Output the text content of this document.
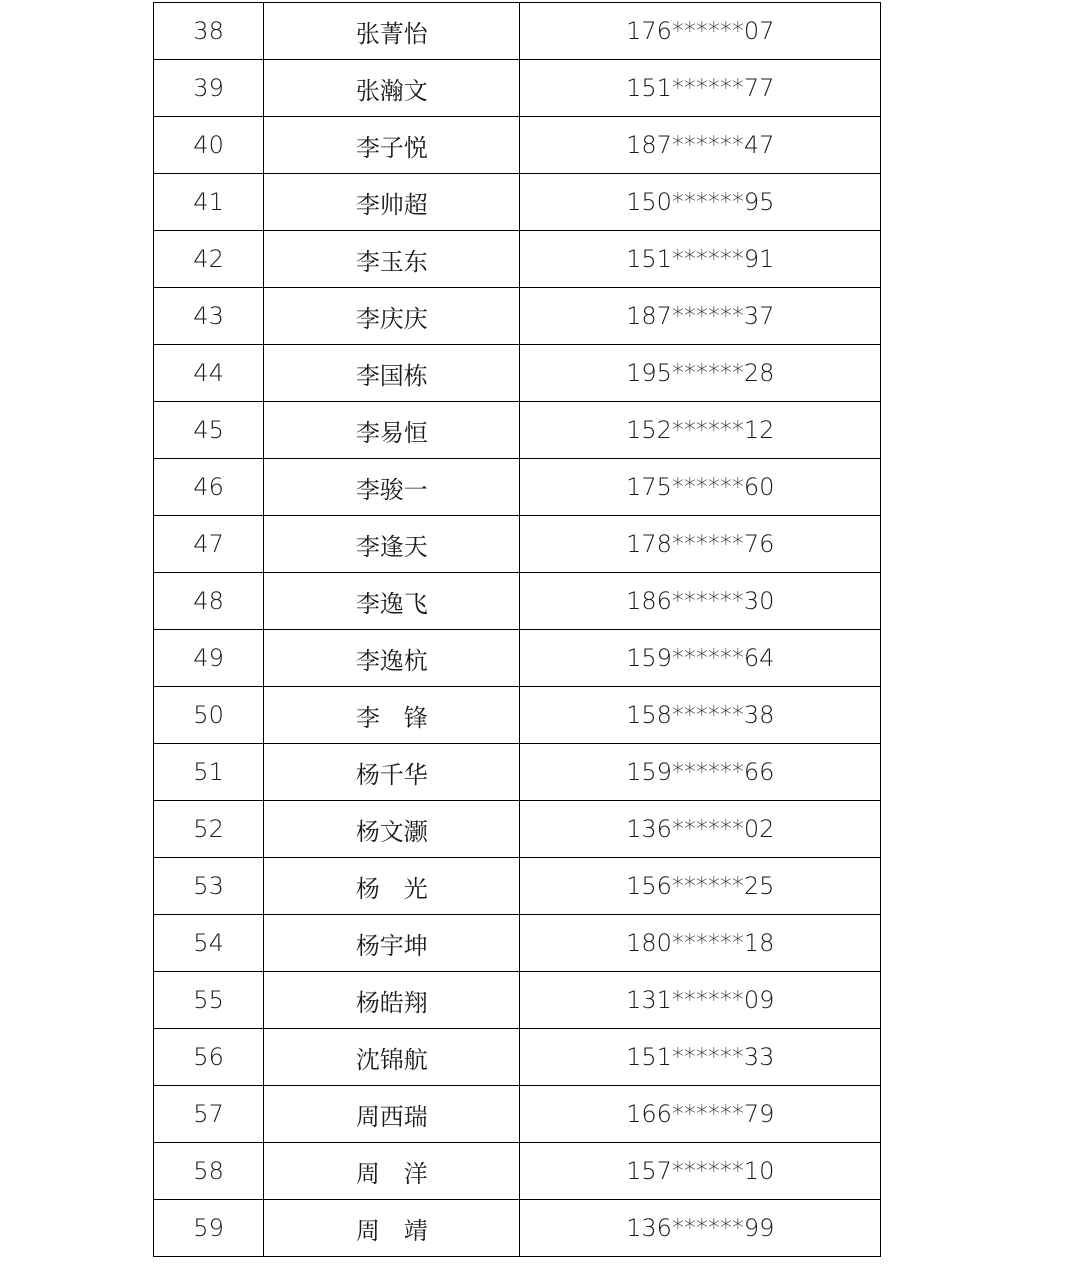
38	张菁怡	176******07
39	张瀚文	151******77
40	李子悦	187******47
41	李帅超	150******95
42	李玉东	151******91
43	李庆庆	187******37
44	李国栋	195******28
45	李易恒	152******12
46	李骏一	175******60
47	李逢天	178******76
48	李逸飞	186******30
49	李逸杭	159******64
50	李　锋	158******38
51	杨千华	159******66
52	杨文灏	136******02
53	杨　光	156******25
54	杨宇坤	180******18
55	杨皓翔	131******09
56	沈锦航	151******33
57	周西瑞	166******79
58	周　洋	157******10
59	周　靖	136******99
